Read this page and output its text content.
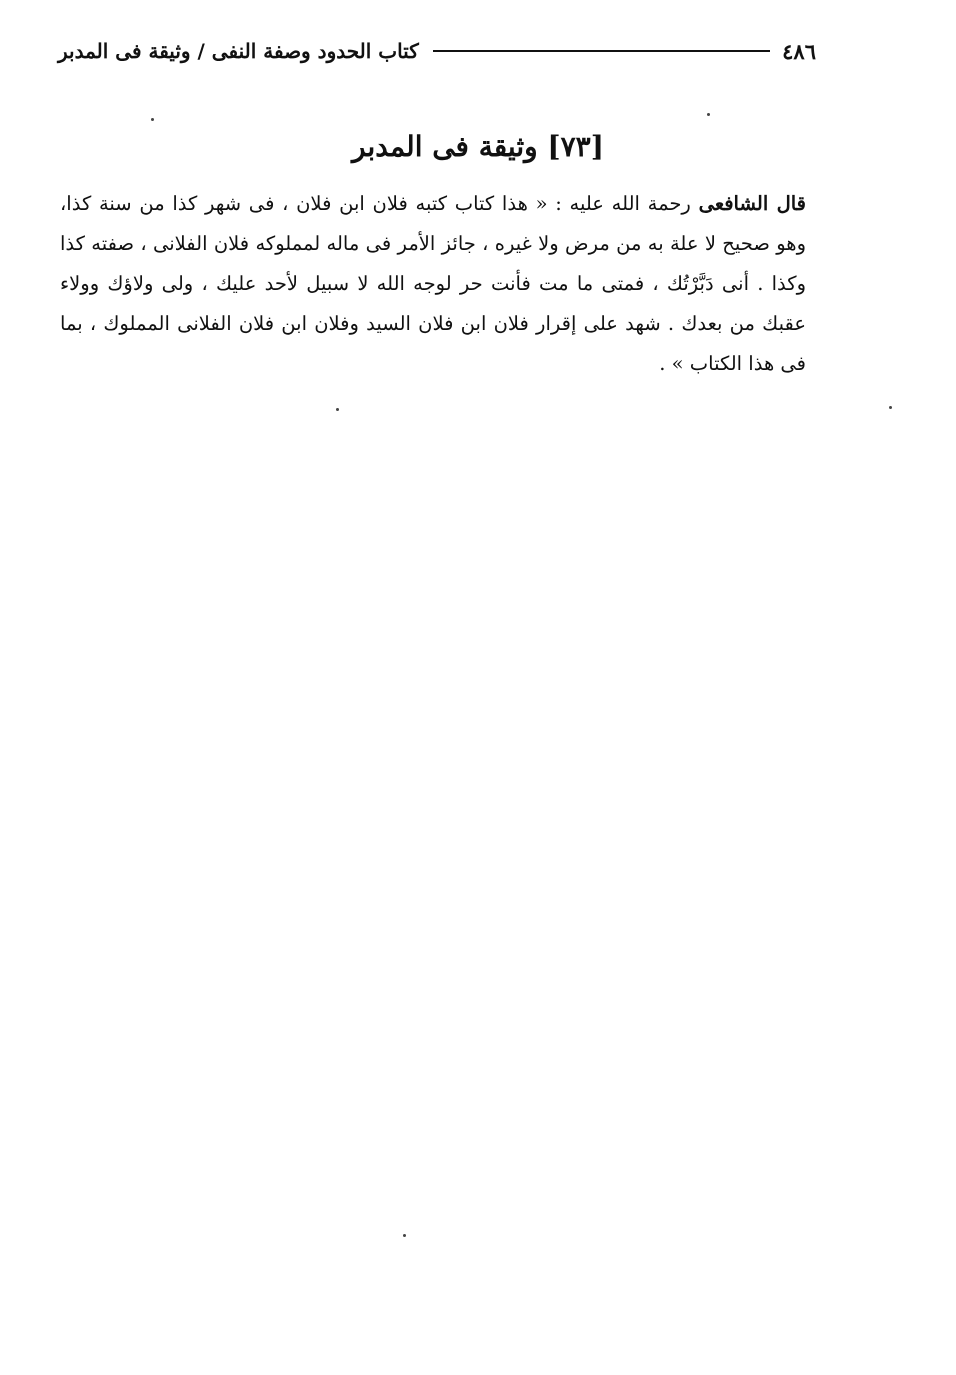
٤٨٦
كتاب الحدود وصفة النفى / وثيقة فى المدبر
[٧٣] وثيقة فى المدبر
قال الشافعى رحمة الله عليه : « هذا كتاب كتبه فلان ابن فلان ، فى شهر كذا من سنة كذا، وهو صحيح لا علة به من مرض ولا غيره ، جائز الأمر فى ماله لمملوكه فلان الفلانى ، صفته كذا وكذا . أنى دَبَّرْتُك ، فمتى ما مت فأنت حر لوجه الله لا سبيل لأحد عليك ، ولى ولاؤك وولاء عقبك من بعدك . شهد على إقرار فلان ابن فلان السيد وفلان ابن فلان الفلانى المملوك ، بما فى هذا الكتاب » .
